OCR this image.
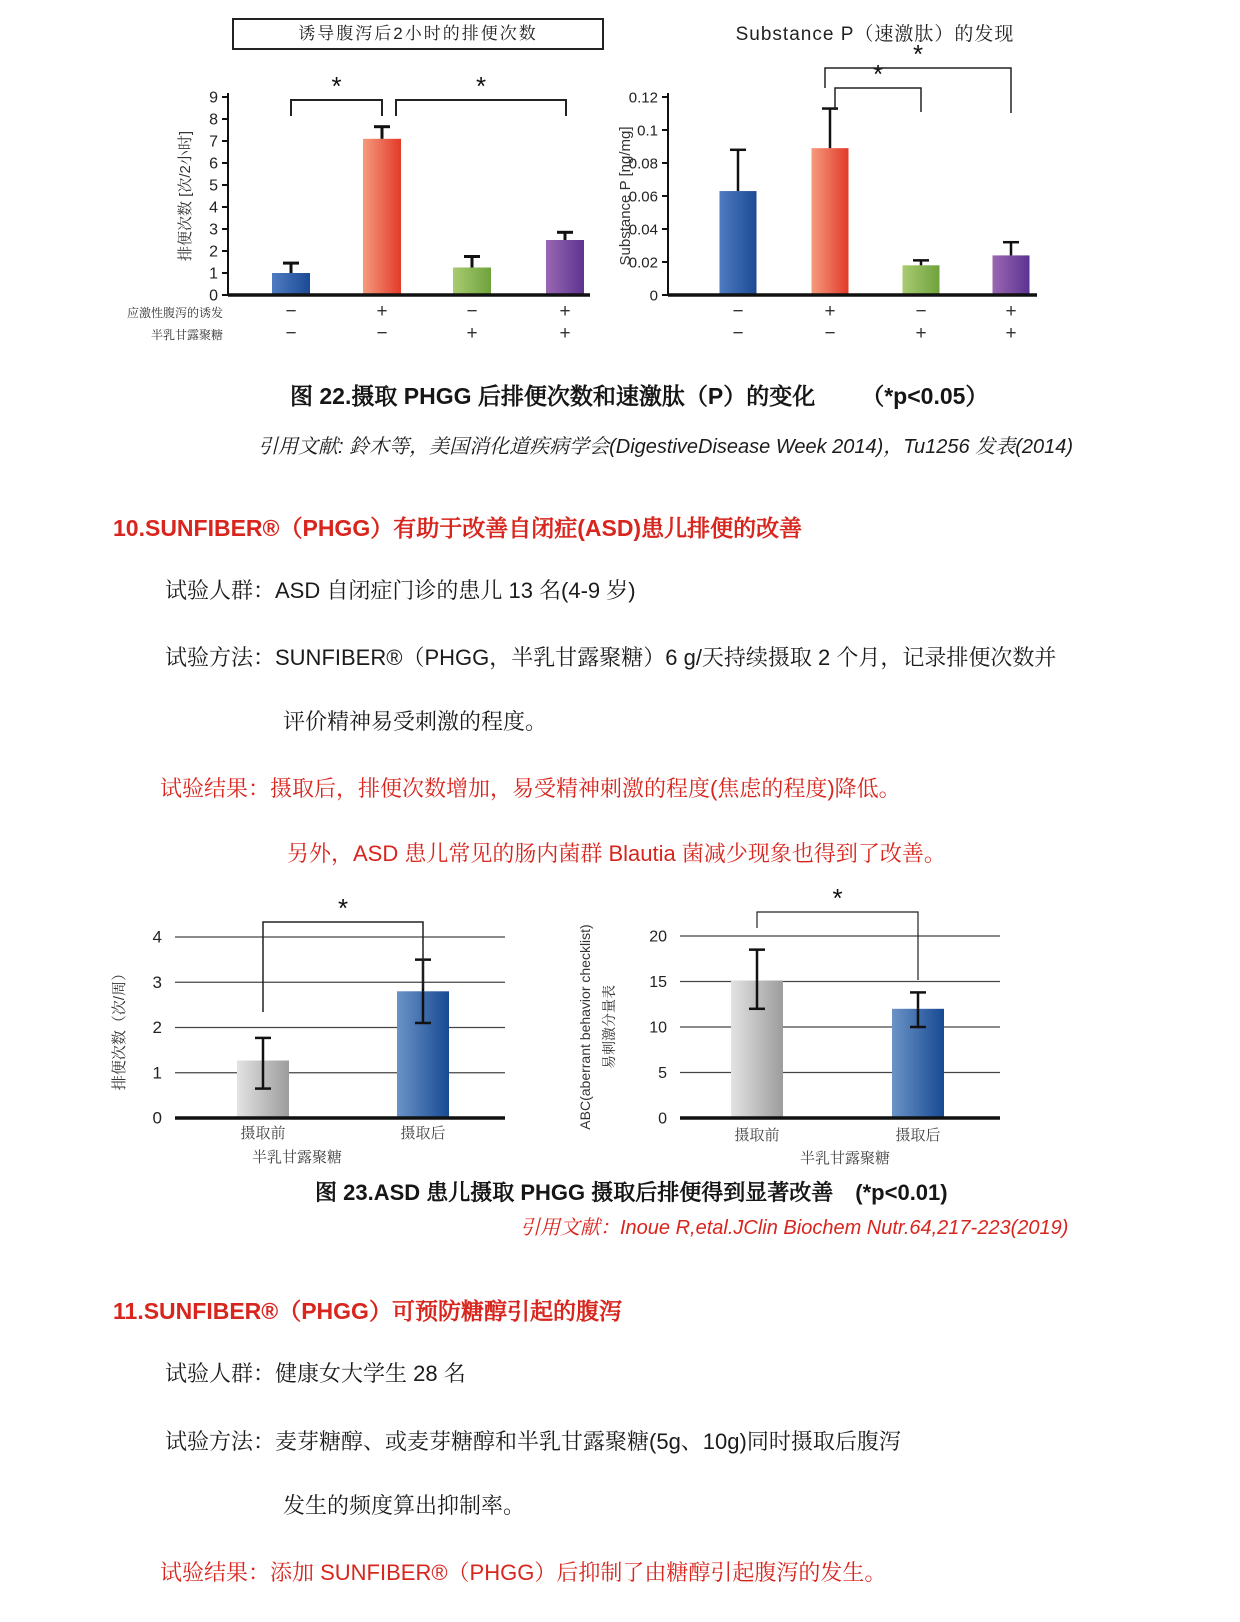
0
1
2
3
4
5
6
7
8
9	*	*
应激性腹泻的诱发	−	+	−	+
半乳甘露聚糖	−	−	+	+
排便次数 [次/2小时]
诱导腹泻后2小时的排便次数
0
0.02
0.04
0.06
0.08
0.1
0.12
*
*
−	+	−	+
−	−	+	+
Substance P [ng/mg]
Substance P（速激肽）的发现
图 22.摄取 PHGG 后排便次数和速激肽（P）的变化 （*p<0.05）
引用文献: 鈴木等，美国消化道疾病学会(DigestiveDisease Week 2014)，Tu1256 发表(2014)
10.SUNFIBER®（PHGG）有助于改善自闭症(ASD)患儿排便的改善
试验人群：ASD 自闭症门诊的患儿 13 名(4-9 岁)
试验方法：SUNFIBER®（PHGG，半乳甘露聚糖）6 g/天持续摄取 2 个月，记录排便次数并
评价精神易受刺激的程度。
试验结果：摄取后，排便次数增加，易受精神刺激的程度(焦虑的程度)降低。
另外，ASD 患儿常见的肠内菌群 Blautia 菌减少现象也得到了改善。
0
1
2
3
4
*
摄取前	摄取后
半乳甘露聚糖
排便次数（次/周）
0
5
10
15
20
*
摄取前	摄取后
半乳甘露聚糖
ABC(aberrant behavior checklist) 易刺激分量表
图 23.ASD 患儿摄取 PHGG 摄取后排便得到显著改善 (*p<0.01)
引用文献：Inoue R,etal.JClin Biochem Nutr.64,217-223(2019)
11.SUNFIBER®（PHGG）可预防糖醇引起的腹泻
试验人群：健康女大学生 28 名
试验方法：麦芽糖醇、或麦芽糖醇和半乳甘露聚糖(5g、10g)同时摄取后腹泻
发生的频度算出抑制率。
试验结果：添加 SUNFIBER®（PHGG）后抑制了由糖醇引起腹泻的发生。
